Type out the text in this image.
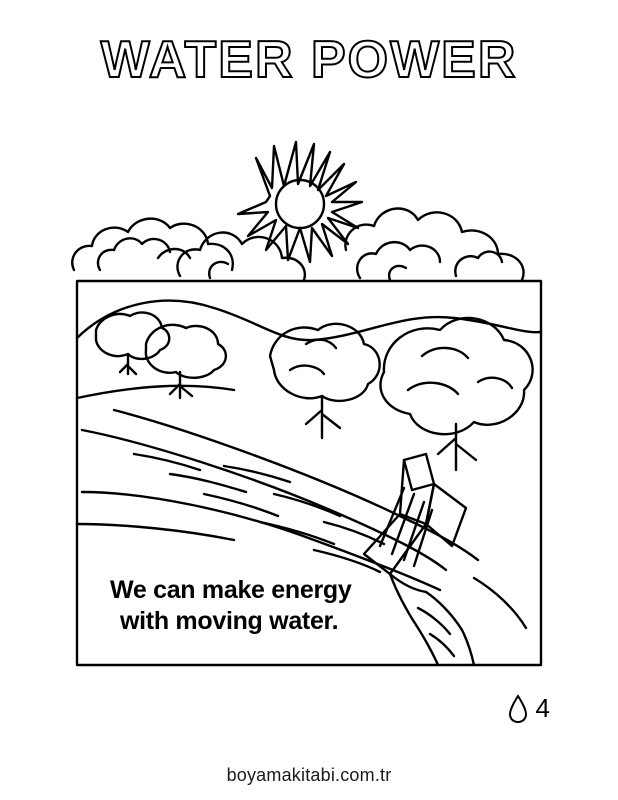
WATER POWER
We can make energy
with moving water.
4
boyamakitabi.com.tr
